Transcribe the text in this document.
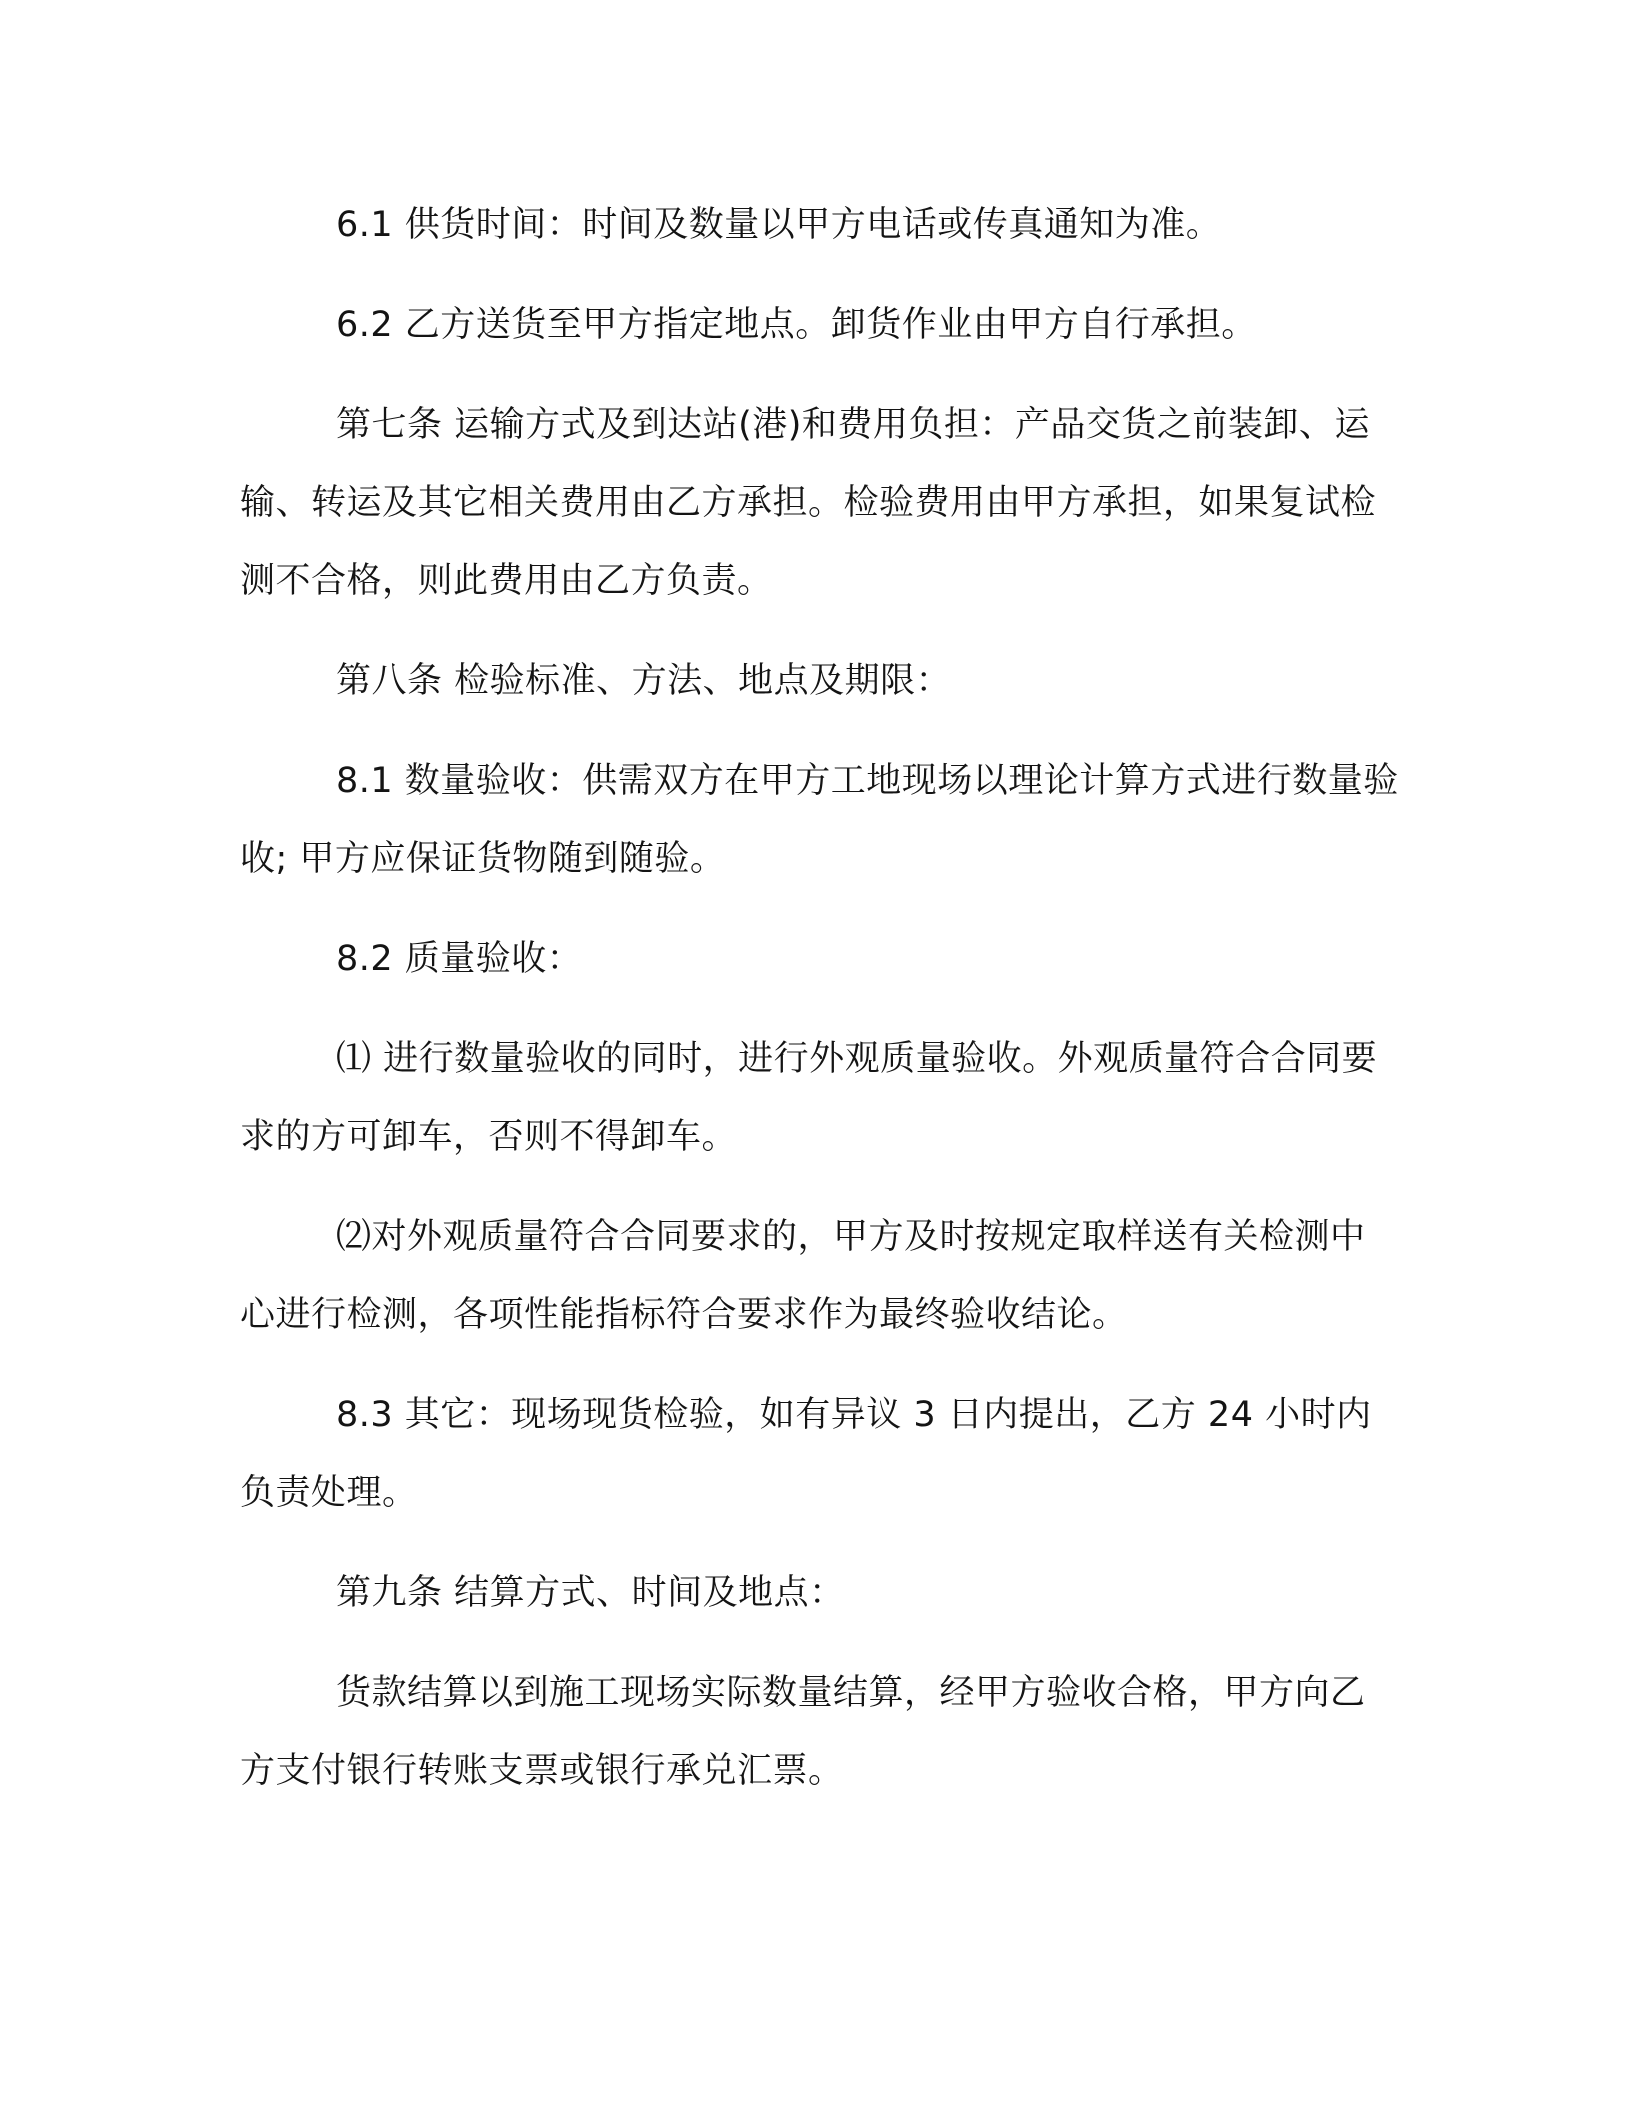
6.1 供货时间：时间及数量以甲方电话或传真通知为准。

6.2 乙方送货至甲方指定地点。卸货作业由甲方自行承担。

第七条 运输方式及到达站(港)和费用负担：产品交货之前装卸、运输、转运及其它相关费用由乙方承担。检验费用由甲方承担，如果复试检测不合格，则此费用由乙方负责。

第八条 检验标准、方法、地点及期限：

8.1 数量验收：供需双方在甲方工地现场以理论计算方式进行数量验收; 甲方应保证货物随到随验。

8.2 质量验收：

⑴ 进行数量验收的同时，进行外观质量验收。外观质量符合合同要求的方可卸车，否则不得卸车。

⑵对外观质量符合合同要求的，甲方及时按规定取样送有关检测中心进行检测，各项性能指标符合要求作为最终验收结论。

8.3 其它：现场现货检验，如有异议 3 日内提出，乙方 24 小时内负责处理。

第九条 结算方式、时间及地点：

货款结算以到施工现场实际数量结算，经甲方验收合格，甲方向乙方支付银行转账支票或银行承兑汇票。
